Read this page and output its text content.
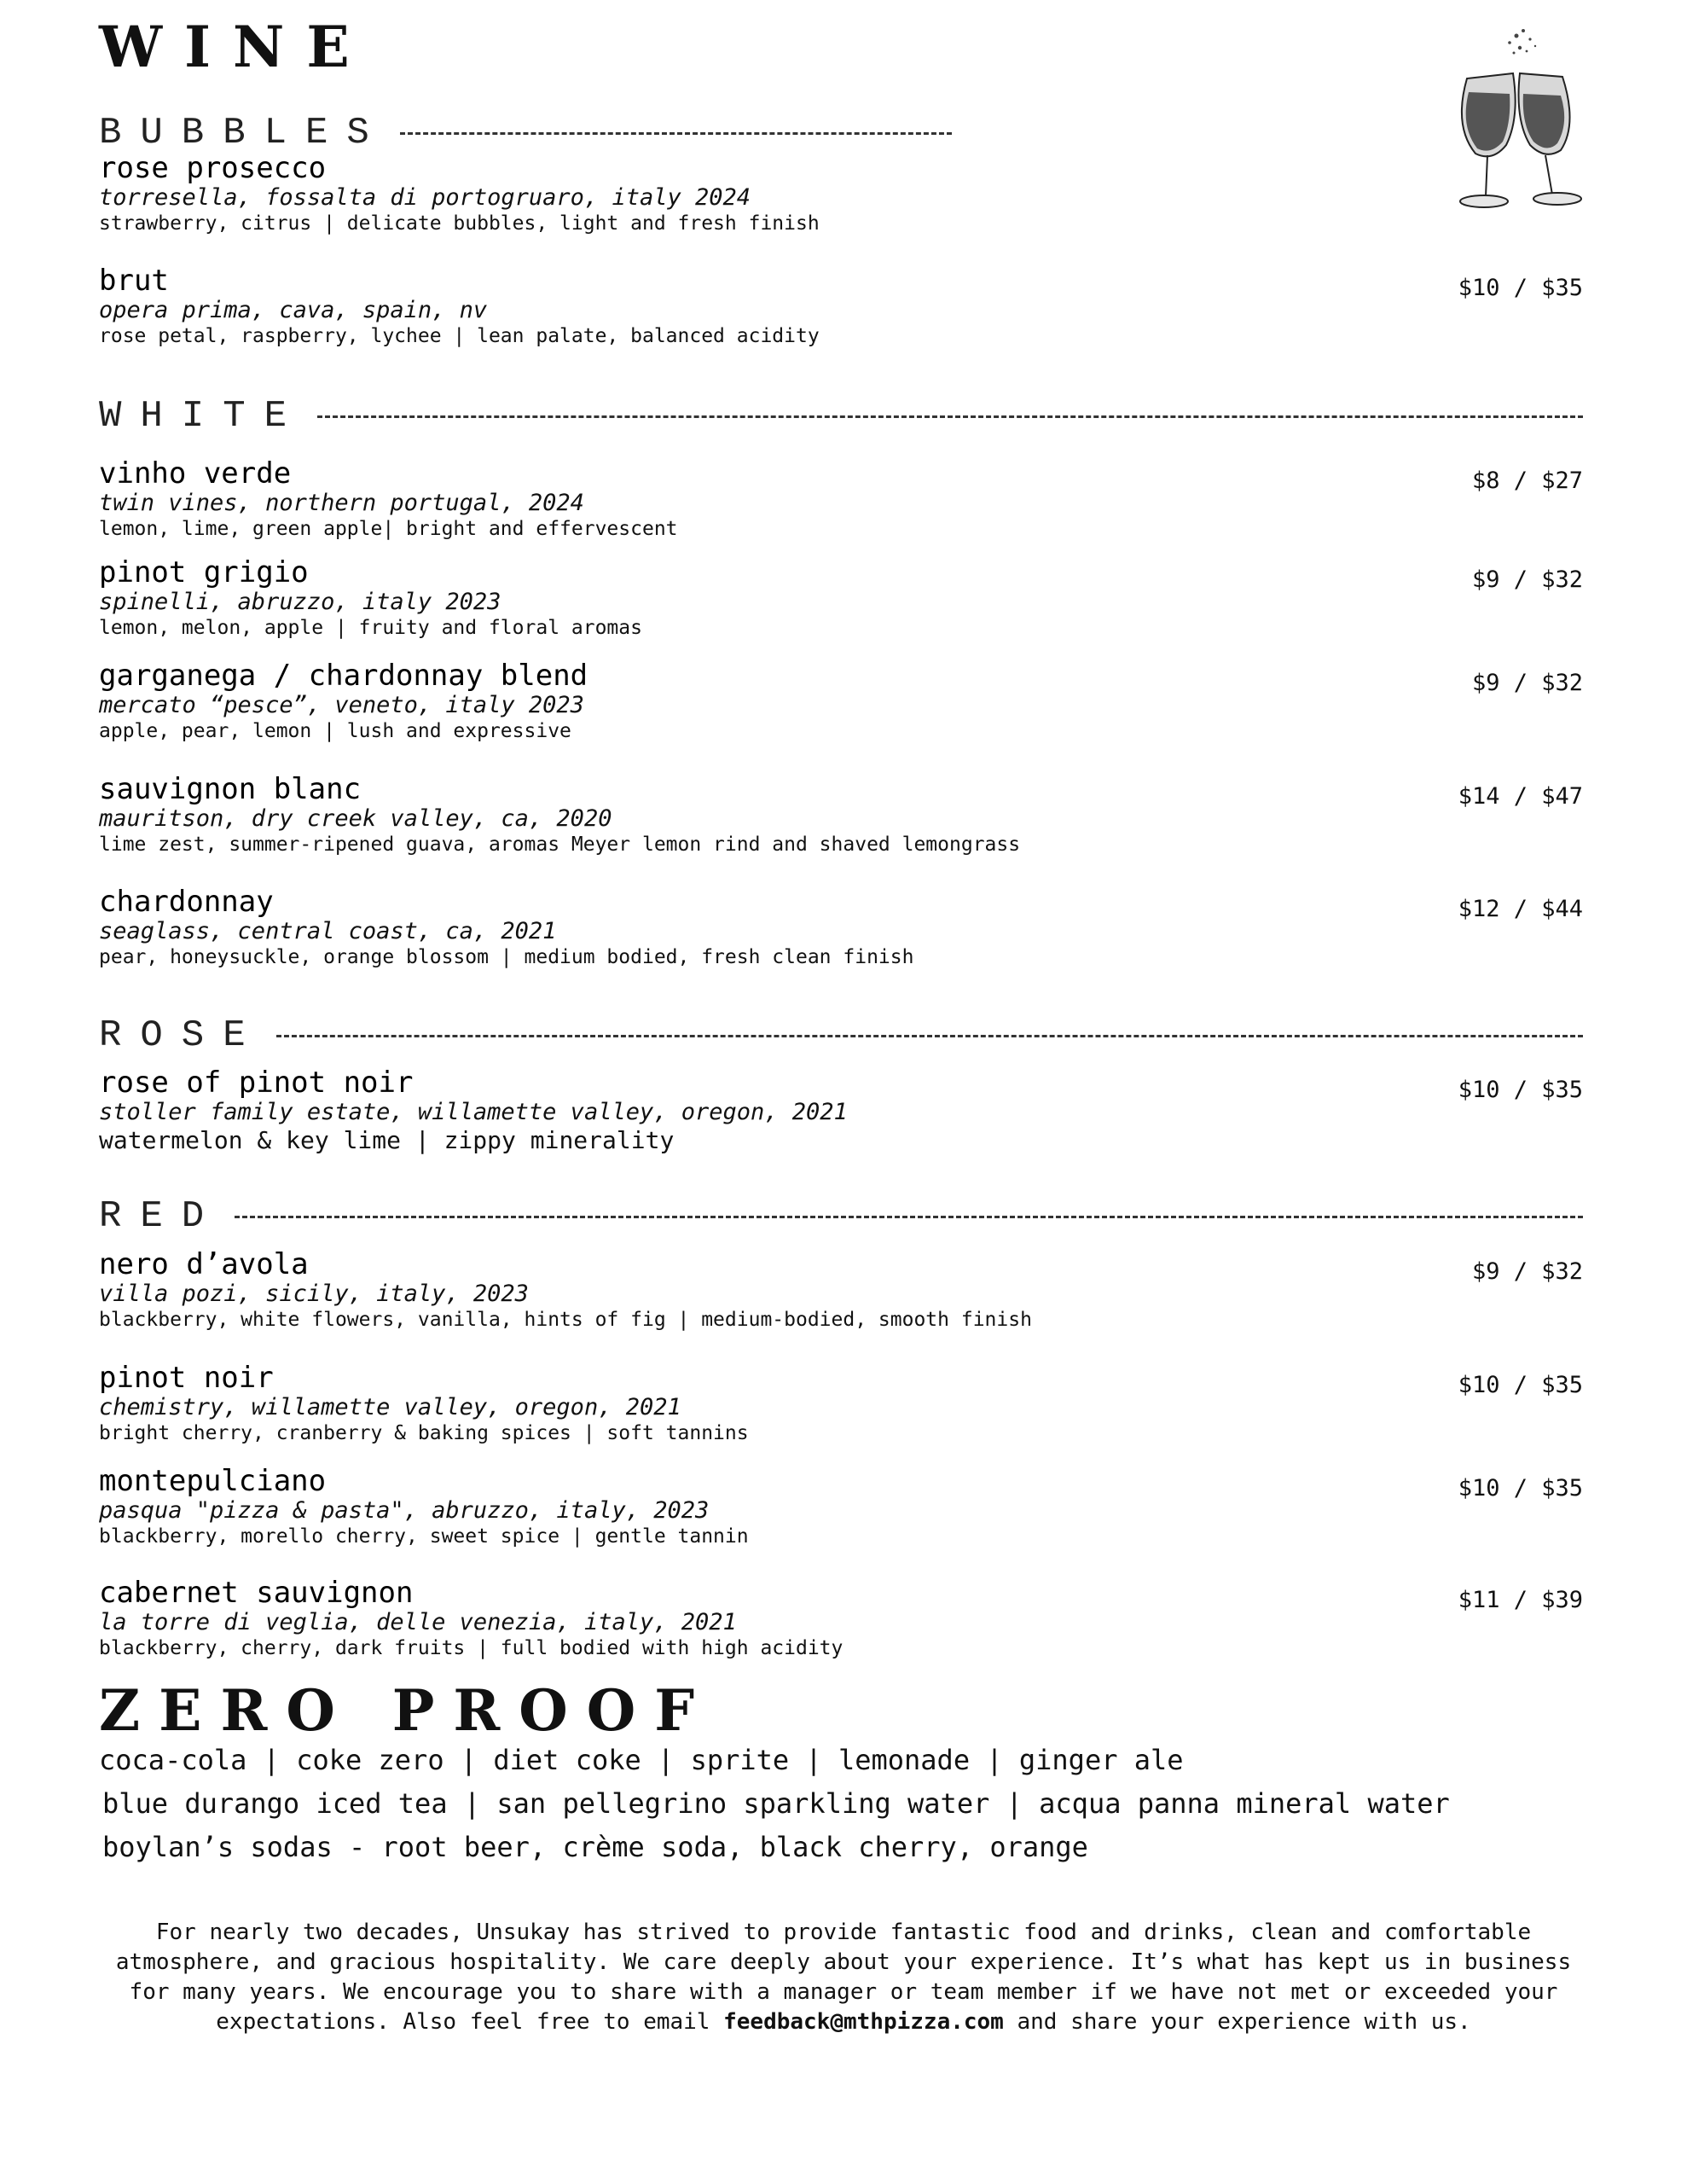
WINE
BUBBLES
rose prosecco
torresella, fossalta di portogruaro, italy 2024
strawberry, citrus | delicate bubbles, light and fresh finish
brut
opera prima, cava, spain, nv
rose petal, raspberry, lychee | lean palate, balanced acidity
$10 / $35
WHITE
vinho verde
twin vines, northern portugal, 2024
lemon, lime, green apple| bright and effervescent
$8 / $27
pinot grigio
spinelli, abruzzo, italy 2023
lemon, melon, apple | fruity and floral aromas
$9 / $32
garganega / chardonnay blend
mercato “pesce”, veneto, italy 2023
apple, pear, lemon | lush and expressive
$9 / $32
sauvignon blanc
mauritson, dry creek valley, ca, 2020
lime zest, summer-ripened guava, aromas Meyer lemon rind and shaved lemongrass
$14 / $47
chardonnay
seaglass, central coast, ca, 2021
pear, honeysuckle, orange blossom | medium bodied, fresh clean finish
$12 / $44
ROSE
rose of pinot noir
stoller family estate, willamette valley, oregon, 2021
watermelon & key lime | zippy minerality
$10 / $35
RED
nero d’avola
villa pozi, sicily, italy, 2023
blackberry, white flowers, vanilla, hints of fig | medium-bodied, smooth finish
$9 / $32
pinot noir
chemistry, willamette valley, oregon, 2021
bright cherry, cranberry & baking spices | soft tannins
$10 / $35
montepulciano
pasqua "pizza & pasta", abruzzo, italy, 2023
blackberry, morello cherry, sweet spice | gentle tannin
$10 / $35
cabernet sauvignon
la torre di veglia, delle venezia, italy, 2021
blackberry, cherry, dark fruits | full bodied with high acidity
$11 / $39
ZERO PROOF
coca-cola | coke zero | diet coke | sprite | lemonade | ginger ale
blue durango iced tea | san pellegrino sparkling water | acqua panna mineral water
boylan’s sodas - root beer, crème soda, black cherry, orange
For nearly two decades, Unsukay has strived to provide fantastic food and drinks, clean and comfortable atmosphere, and gracious hospitality. We care deeply about your experience. It’s what has kept us in business for many years. We encourage you to share with a manager or team member if we have not met or exceeded your expectations. Also feel free to email feedback@mthpizza.com and share your experience with us.
